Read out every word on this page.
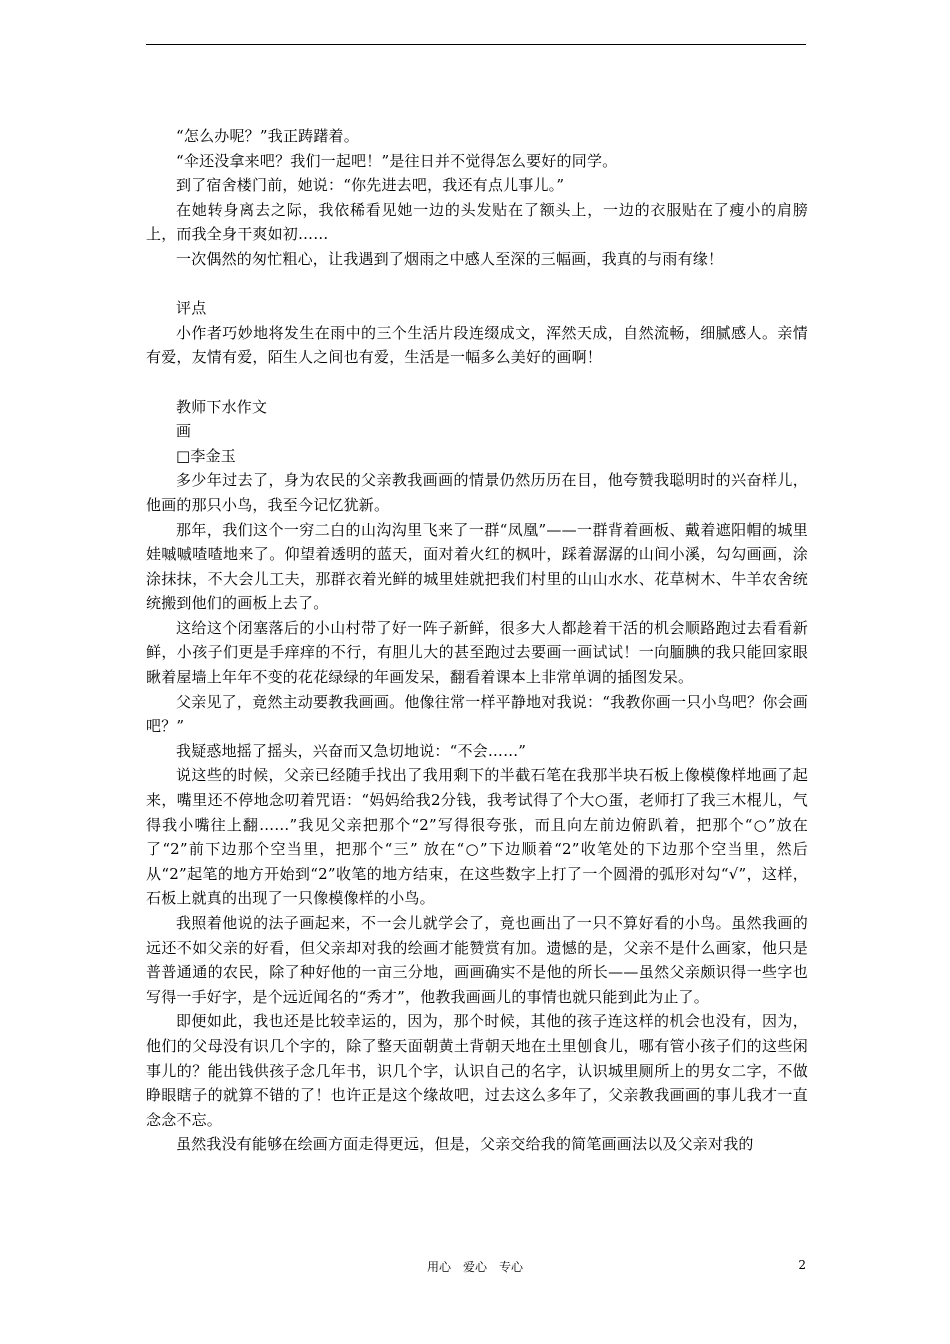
“怎么办呢？”我正踌躇着。

“伞还没拿来吧？我们一起吧！”是往日并不觉得怎么要好的同学。

到了宿舍楼门前，她说：“你先进去吧，我还有点儿事儿。”

在她转身离去之际，我依稀看见她一边的头发贴在了额头上，一边的衣服贴在了瘦小的肩膀上，而我全身干爽如初……

一次偶然的匆忙粗心，让我遇到了烟雨之中感人至深的三幅画，我真的与雨有缘！

评点

小作者巧妙地将发生在雨中的三个生活片段连缀成文，浑然天成，自然流畅，细腻感人。亲情有爱，友情有爱，陌生人之间也有爱，生活是一幅多么美好的画啊！

教师下水作文

画

□李金玉

多少年过去了，身为农民的父亲教我画画的情景仍然历历在目，他夸赞我聪明时的兴奋样儿，他画的那只小鸟，我至今记忆犹新。

那年，我们这个一穷二白的山沟沟里飞来了一群“凤凰”——一群背着画板、戴着遮阳帽的城里娃嘁嘁喳喳地来了。仰望着透明的蓝天，面对着火红的枫叶，踩着潺潺的山间小溪，勾勾画画，涂涂抹抹，不大会儿工夫，那群衣着光鲜的城里娃就把我们村里的山山水水、花草树木、牛羊农舍统统搬到他们的画板上去了。

这给这个闭塞落后的小山村带了好一阵子新鲜，很多大人都趁着干活的机会顺路跑过去看看新鲜，小孩子们更是手痒痒的不行，有胆儿大的甚至跑过去要画一画试试！一向腼腆的我只能回家眼瞅着屋墙上年年不变的花花绿绿的年画发呆，翻看着课本上非常单调的插图发呆。

父亲见了，竟然主动要教我画画。他像往常一样平静地对我说：“我教你画一只小鸟吧？你会画吧？”

我疑惑地摇了摇头，兴奋而又急切地说：“不会……”

说这些的时候，父亲已经随手找出了我用剩下的半截石笔在我那半块石板上像模像样地画了起来，嘴里还不停地念叨着咒语：“妈妈给我2分钱，我考试得了个大○蛋，老师打了我三木棍儿，气得我小嘴往上翻……”我见父亲把那个“2”写得很夸张，而且向左前边俯趴着，把那个“○”放在了“2”前下边那个空当里，把那个“三” 放在“○”下边顺着“2”收笔处的下边那个空当里，然后从“2”起笔的地方开始到“2”收笔的地方结束，在这些数字上打了一个圆滑的弧形对勾“√”，这样，石板上就真的出现了一只像模像样的小鸟。

我照着他说的法子画起来，不一会儿就学会了，竟也画出了一只不算好看的小鸟。虽然我画的远还不如父亲的好看，但父亲却对我的绘画才能赞赏有加。遗憾的是，父亲不是什么画家，他只是普普通通的农民，除了种好他的一亩三分地，画画确实不是他的所长——虽然父亲颇识得一些字也写得一手好字，是个远近闻名的“秀才”，他教我画画儿的事情也就只能到此为止了。

即便如此，我也还是比较幸运的，因为，那个时候，其他的孩子连这样的机会也没有，因为，他们的父母没有识几个字的，除了整天面朝黄土背朝天地在土里刨食儿，哪有管小孩子们的这些闲事儿的？能出钱供孩子念几年书，识几个字，认识自己的名字，认识城里厕所上的男女二字，不做睁眼瞎子的就算不错的了！也许正是这个缘故吧，过去这么多年了，父亲教我画画的事儿我才一直念念不忘。

虽然我没有能够在绘画方面走得更远，但是，父亲交给我的简笔画画法以及父亲对我的

用心　爱心　专心	2
